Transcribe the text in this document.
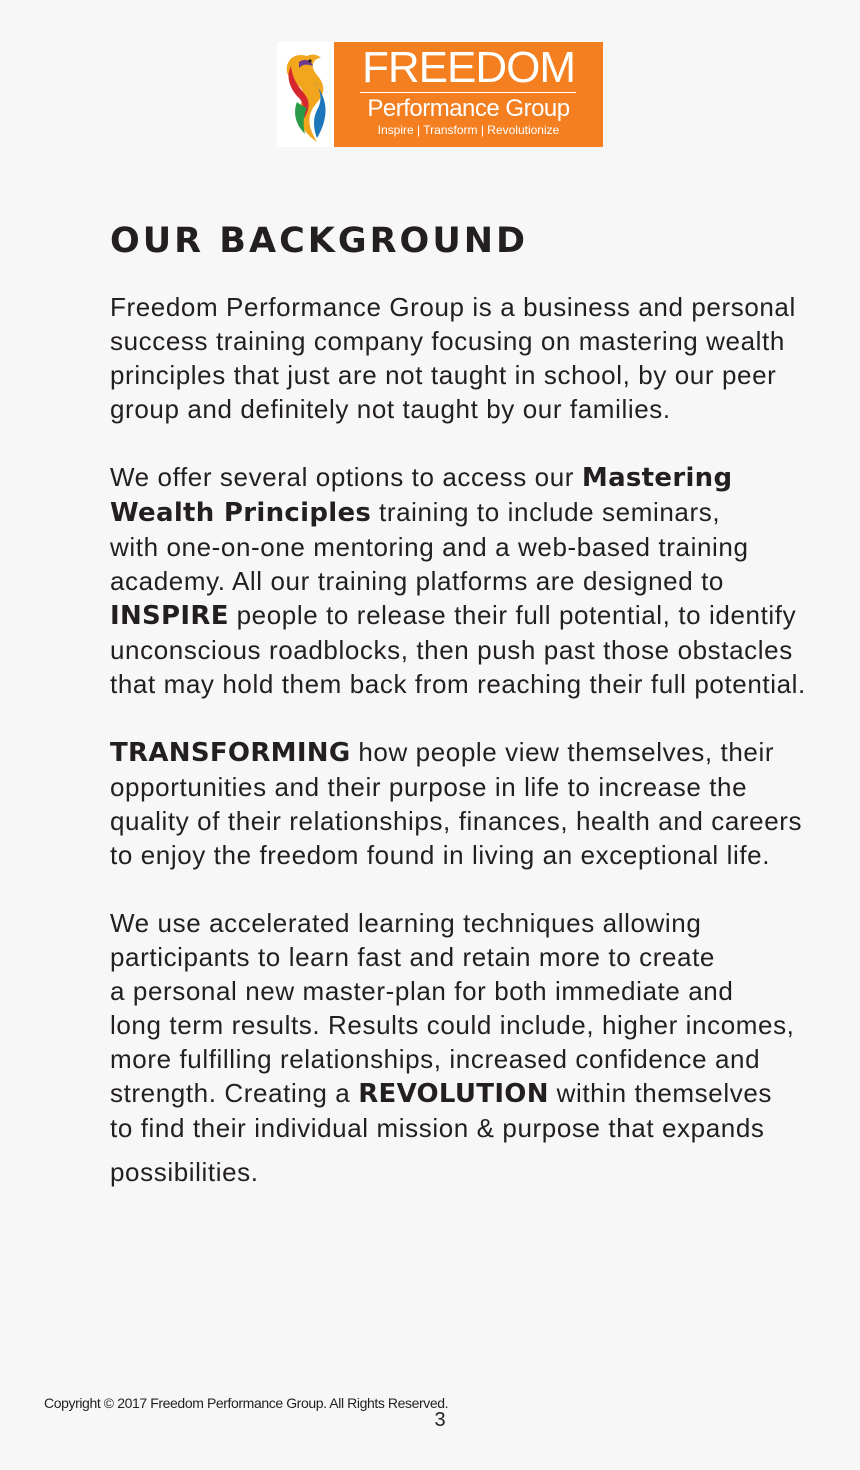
FREEDOM
Performance Group
Inspire | Transform | Revolutionize
OUR BACKGROUND

Freedom Performance Group is a business and personal
success training company focusing on mastering wealth
principles that just are not taught in school, by our peer
group and definitely not taught by our families.

We offer several options to access our Mastering
Wealth Principles training to include seminars,
with one-on-one mentoring and a web-based training
academy. All our training platforms are designed to
INSPIRE people to release their full potential, to identify
unconscious roadblocks, then push past those obstacles
that may hold them back from reaching their full potential.

TRANSFORMING how people view themselves, their
opportunities and their purpose in life to increase the
quality of their relationships, finances, health and careers
to enjoy the freedom found in living an exceptional life.

We use accelerated learning techniques allowing
participants to learn fast and retain more to create
a personal new master-plan for both immediate and
long term results. Results could include, higher incomes,
more fulfilling relationships, increased confidence and
strength. Creating a REVOLUTION within themselves
to find their individual mission & purpose that expands
possibilities.

Copyright © 2017 Freedom Performance Group. All Rights Reserved.
3
